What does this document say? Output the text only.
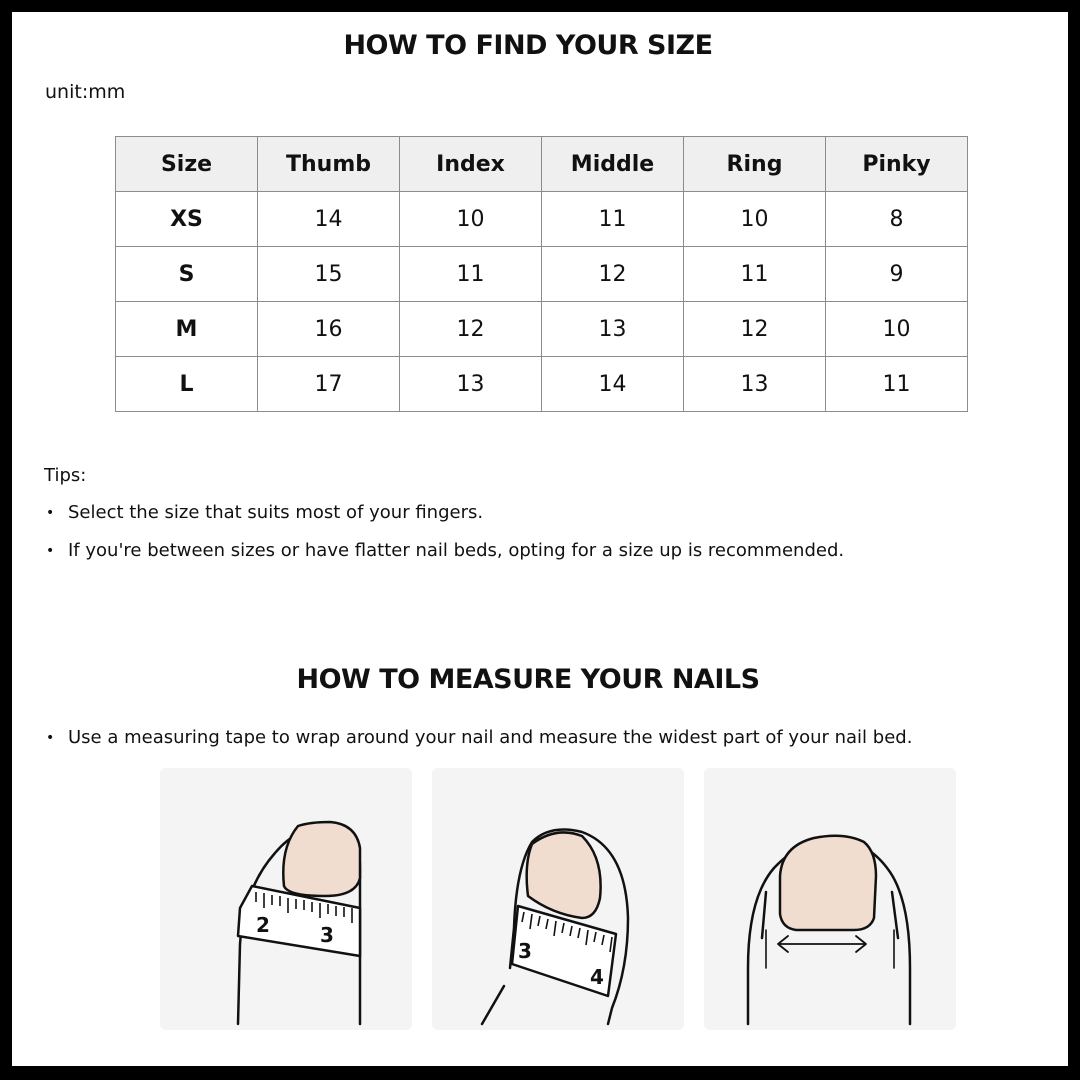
HOW TO FIND YOUR SIZE
unit:mm
Size	Thumb	Index	Middle	Ring	Pinky
XS	14	10	11	10	8
S	15	11	12	11	9
M	16	12	13	12	10
L	17	13	14	13	11
Tips:
• Select the size that suits most of your fingers.
• If you're between sizes or have flatter nail beds, opting for a size up is recommended.
HOW TO MEASURE YOUR NAILS
• Use a measuring tape to wrap around your nail and measure the widest part of your nail bed.
2	3
3
4
